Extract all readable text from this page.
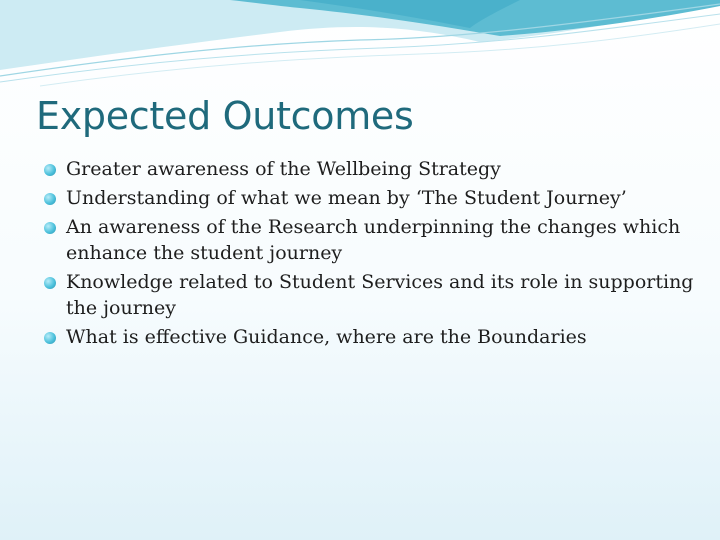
Expected Outcomes
Greater awareness of the Wellbeing Strategy
Understanding of what we mean by ‘The Student Journey’
An awareness of the Research underpinning the changes which enhance the student journey
Knowledge related to Student Services and its role in supporting the journey
What is effective Guidance, where are the Boundaries
